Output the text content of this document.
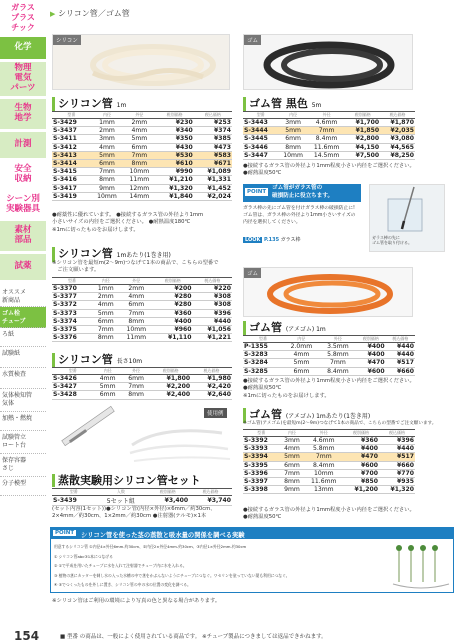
ガラス
プラス
チック
化学
物理
電気
パーツ
生物
地学
計測
安全
収納
シーン別
実験器具
素材
部品
試薬
オススメ
新商品
ゴム栓
チューブ
ろ紙
試験紙
水質検査
気体検知管
気体
加熱・燃焼
試験管立
ロート台
保存容器
さじ
分子模型
▶ シリコン管／ゴム管
シリコン	ゴム
シリコン管 1m
型番	内径	外径	税別価格	税込価格
S-3429	1mm	2mm	¥230	¥253
S-3437	2mm	4mm	¥340	¥374
S-3411	3mm	5mm	¥350	¥385
S-3412	4mm	6mm	¥430	¥473
S-3413	5mm	7mm	¥530	¥583
S-3414	6mm	8mm	¥610	¥671
S-3415	7mm	10mm	¥990	¥1,089
S-3416	8mm	11mm	¥1,210	¥1,331
S-3417	9mm	12mm	¥1,320	¥1,452
S-3419	10mm	14mm	¥1,840	¥2,024
●耐薬性に優れています。 ●接続するガラス管の外径より1mm
小さいサイズの内径をご選択ください。 ●耐熱温度180℃
※1mに切ったものをお届けします。
シリコン管 1mあたり(1巻き用)
※シリコン管を最短m(2〜9m)つなげて1本の商品で、こちらの型番で
　ご注文願います。
型番	内径	外径	税別価格	税込価格
S-3370	1mm	2mm	¥200	¥220
S-3377	2mm	4mm	¥280	¥308
S-3372	4mm	6mm	¥280	¥308
S-3373	5mm	7mm	¥360	¥396
S-3374	6mm	8mm	¥400	¥440
S-3375	7mm	10mm	¥960	¥1,056
S-3376	8mm	11mm	¥1,110	¥1,221
シリコン管 長さ10m
型番	内径	外径	税別価格	税込価格
S-3426	4mm	6mm	¥1,800	¥1,980
S-3427	5mm	7mm	¥2,200	¥2,420
S-3428	6mm	8mm	¥2,400	¥2,640
使用例
蒸散実験用シリコン管セット
型番	入数	税別価格	税込価格
S-3439	5セット組	¥3,400	¥3,740
(セット内容(1セット))●シリコン管(内径×外径)×6mm／約30cm、
2×4mm／約30cm、1×2mm／約30cm ●注射器(テルモ)×1本
ゴム管 黒色 5m
型番	内径	外径	税別価格	税込価格
S-3443	3mm	4.6mm	¥1,700	¥1,870
S-3444	5mm	7mm	¥1,850	¥2,035
S-3445	6mm	8.4mm	¥2,800	¥3,080
S-3446	8mm	11.6mm	¥4,150	¥4,565
S-3447	10mm	14.5mm	¥7,500	¥8,250
●接続するガラス管の外径より1mm程度小さい内径をご選択ください。
●耐熱温度50℃
POINT
ゴム管がガラス管の
破損防止に役立ちます。
ガラス棒の先にゴム管を付けガラス棒の破損防止に!
ゴム管は、ガラス棒の外径より1mm小さいサイズの
内径を選択してください。
LOOK P.135 ガラス棒	ガラス棒の先に
ゴム管を取り付ける。
ゴム
ゴム管 (アメゴム) 1m
型番	内径	外径	税別価格	税込価格
P-1355	2.0mm	3.5mm	¥400	¥440
S-3283	4mm	5.8mm	¥400	¥440
S-3284	5mm	7mm	¥470	¥517
S-3285	6mm	8.4mm	¥600	¥660
●接続するガラス管の外径より1mm程度小さい内径をご選択ください。
●耐熱温度50℃
※1mに切ったものをお届けします。
ゴム管 (アメゴム) 1mあたり(1巻き用)
※ゴム管(アメゴム)を最短m(2〜9m)つなげて1本の商品で、こちらの型番でご注文願います。
型番	内径	外径	税別価格	税込価格
S-3392	3mm	4.6mm	¥360	¥396
S-3393	4mm	5.8mm	¥400	¥440
S-3394	5mm	7mm	¥470	¥517
S-3395	6mm	8.4mm	¥600	¥660
S-3396	7mm	10mm	¥700	¥770
S-3397	8mm	11.6mm	¥850	¥935
S-3398	9mm	13mm	¥1,200	¥1,320
●接続するガラス管の外径より1mm程度小さい内径をご選択ください。
●耐熱温度50℃
POINT	シリコン管を使った茎の蒸散と吸水量の関係を調べる実験
用意するシリコン管 ①内径4×外径6mm-約30cm、②内径2×外径4mm-約30cm、③内径1×外径2mm-約30cm
① シリコン管abc③1本につなげる
② ①で平成を用いたチューブに水を入れて注射器でチューブ内に水を入れる。
③ 植物の茎にカッターを刺し水の入った水槽の中で茎をかぶんないようにチューブにつなぐ。ワセリンを塗っていない葉も利用につなぐ。
④ ③でつくったものを外しに置き、シリコン管の中の水の位置の変化を調べる。
※シリコン管はご利用の環境により写真の色と異なる場合があります。
154	■ 型番 の商品は、一般によく使用されている商品です。 ※チューブ製品につきましては返品できかねます。
